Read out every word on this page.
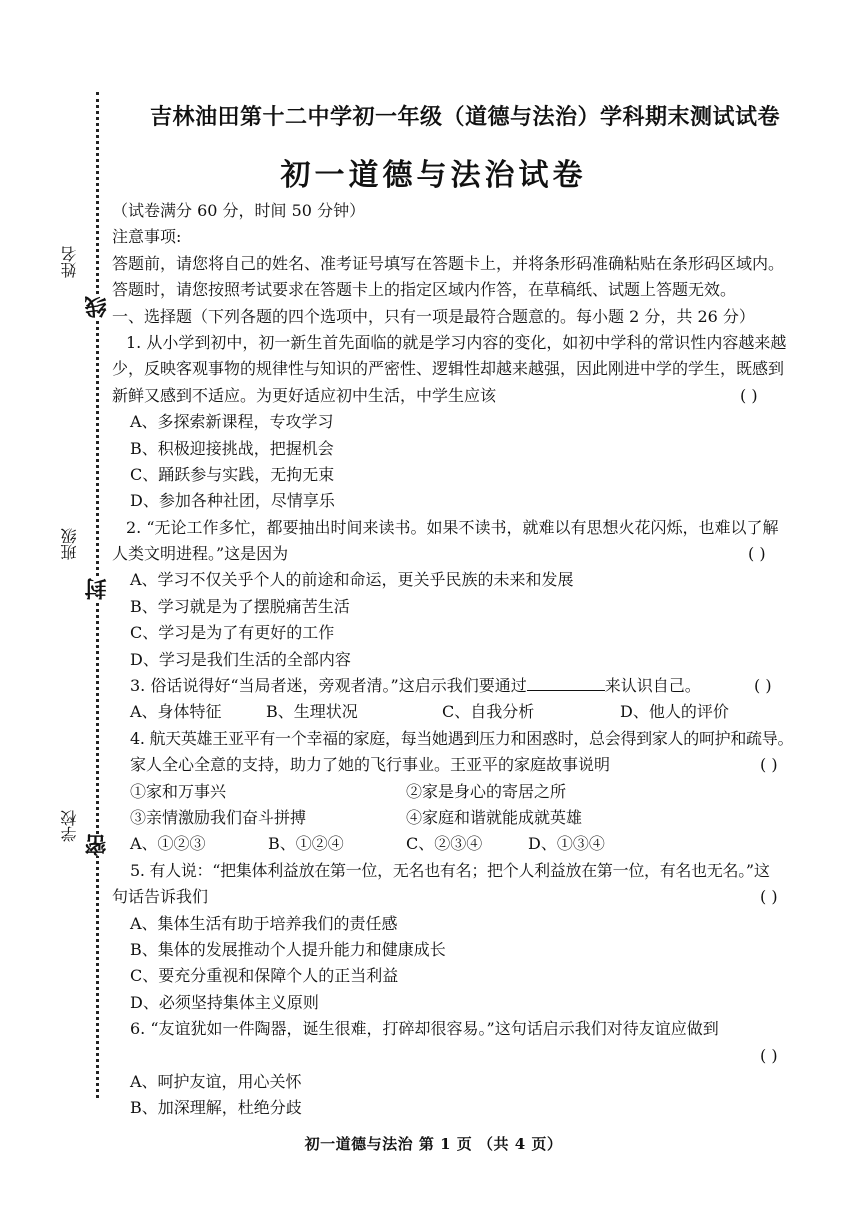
姓名
班级
学校
线
封
密
吉林油田第十二中学初一年级（道德与法治）学科期末测试试卷
初一道德与法治试卷
（试卷满分 60 分，时间 50 分钟）
注意事项:
答题前，请您将自己的姓名、准考证号填写在答题卡上，并将条形码准确粘贴在条形码区域内。
答题时，请您按照考试要求在答题卡上的指定区域内作答，在草稿纸、试题上答题无效。
一、选择题（下列各题的四个选项中，只有一项是最符合题意的。每小题 2 分，共 26 分）
1. 从小学到初中，初一新生首先面临的就是学习内容的变化，如初中学科的常识性内容越来越
少，反映客观事物的规律性与知识的严密性、逻辑性却越来越强，因此刚进中学的学生，既感到
新鲜又感到不适应。为更好适应初中生活，中学生应该	( )
A、多探索新课程，专攻学习
B、积极迎接挑战，把握机会
C、踊跃参与实践，无拘无束
D、参加各种社团，尽情享乐
2. “无论工作多忙，都要抽出时间来读书。如果不读书，就难以有思想火花闪烁，也难以了解
人类文明进程。”这是因为	( )
A、学习不仅关乎个人的前途和命运，更关乎民族的未来和发展
B、学习就是为了摆脱痛苦生活
C、学习是为了有更好的工作
D、学习是我们生活的全部内容
3. 俗话说得好“当局者迷，旁观者清。”这启示我们要通过	来认识自己。	( )
A、身体特征	B、生理状况	C、自我分析	D、他人的评价
4. 航天英雄王亚平有一个幸福的家庭，每当她遇到压力和困惑时，总会得到家人的呵护和疏导。
家人全心全意的支持，助力了她的飞行事业。王亚平的家庭故事说明	( )
①家和万事兴	②家是身心的寄居之所
③亲情激励我们奋斗拼搏	④家庭和谐就能成就英雄
A、①②③	B、①②④	C、②③④	D、①③④
5. 有人说：“把集体利益放在第一位，无名也有名；把个人利益放在第一位，有名也无名。”这
句话告诉我们	( )
A、集体生活有助于培养我们的责任感
B、集体的发展推动个人提升能力和健康成长
C、要充分重视和保障个人的正当利益
D、必须坚持集体主义原则
6. “友谊犹如一件陶器，诞生很难，打碎却很容易。”这句话启示我们对待友谊应做到
( )
A、呵护友谊，用心关怀
B、加深理解，杜绝分歧
初一道德与法治 第 1 页 （共 4 页）
